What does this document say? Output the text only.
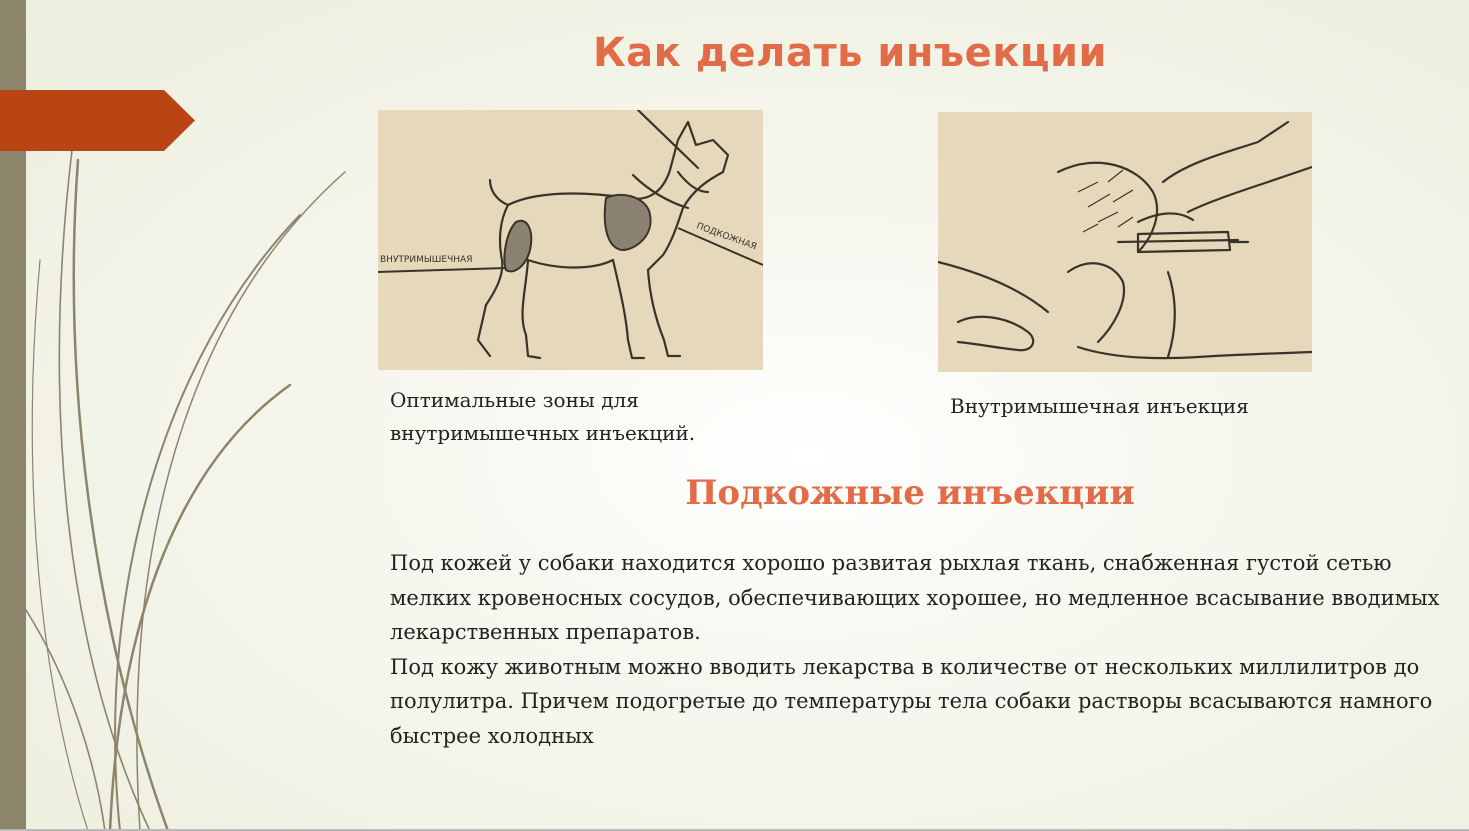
Как делать инъекции
ВНУТРИМЫШЕЧНАЯ
ПОДКОЖНАЯ
Оптимальные зоны для
внутримышечных инъекций.
Внутримышечная инъекция
Подкожные инъекции

Под кожей у собаки находится хорошо развитая рыхлая ткань, снабженная густой сетью мелких кровеносных сосудов, обеспечивающих хорошее, но медленное всасывание вводимых лекарственных препаратов.

Под кожу животным можно вводить лекарства в количестве от нескольких миллилитров до полулитра. Причем подогретые до температуры тела собаки растворы всасываются намного быстрее холодных
